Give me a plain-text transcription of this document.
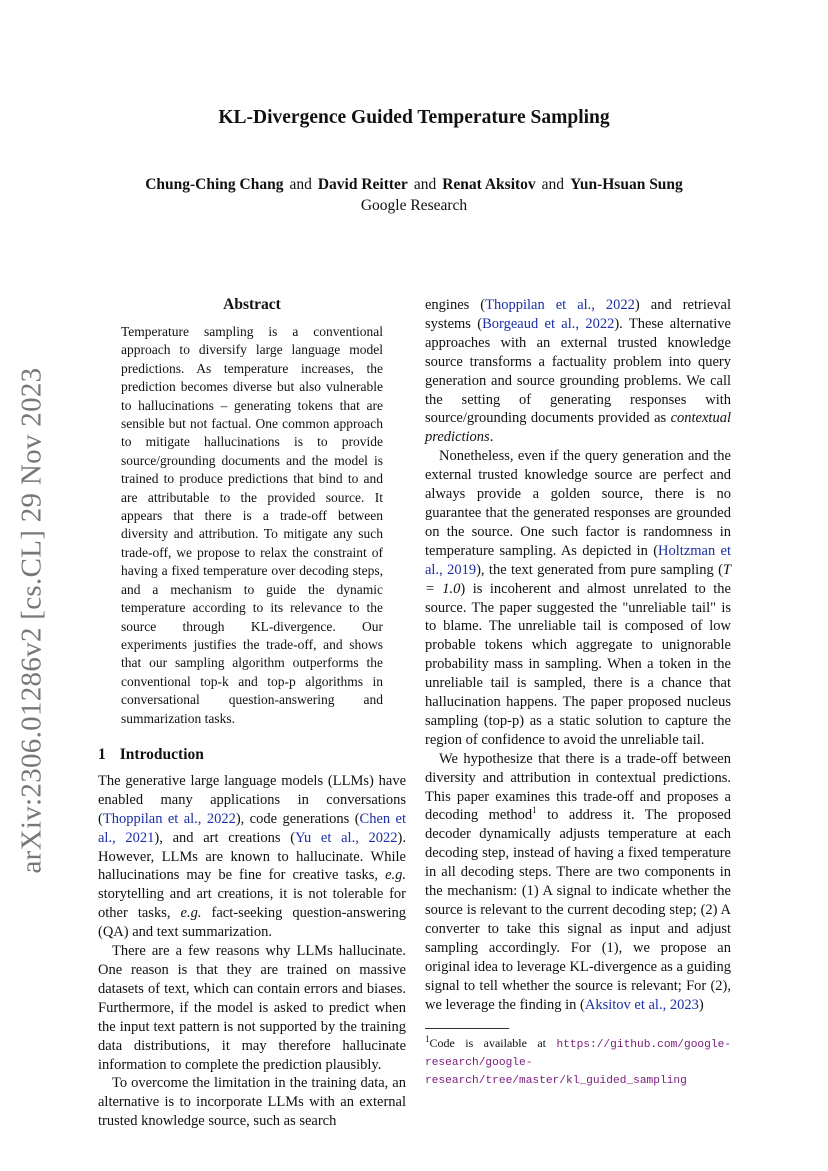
arXiv:2306.01286v2 [cs.CL] 29 Nov 2023
KL-Divergence Guided Temperature Sampling
Chung-Ching Chang and David Reitter and Renat Aksitov and Yun-Hsuan Sung
Google Research
Abstract

Temperature sampling is a conventional approach to diversify large language model predictions. As temperature increases, the prediction becomes diverse but also vulnerable to hallucinations – generating tokens that are sensible but not factual. One common approach to mitigate hallucinations is to provide source/grounding documents and the model is trained to produce predictions that bind to and are attributable to the provided source. It appears that there is a trade-off between diversity and attribution. To mitigate any such trade-off, we propose to relax the constraint of having a fixed temperature over decoding steps, and a mechanism to guide the dynamic temperature according to its relevance to the source through KL-divergence. Our experiments justifies the trade-off, and shows that our sampling algorithm outperforms the conventional top-k and top-p algorithms in conversational question-answering and summarization tasks.

1 Introduction

The generative large language models (LLMs) have enabled many applications in conversations (Thoppilan et al., 2022), code generations (Chen et al., 2021), and art creations (Yu et al., 2022). However, LLMs are known to hallucinate. While hallucinations may be fine for creative tasks, e.g. storytelling and art creations, it is not tolerable for other tasks, e.g. fact-seeking question-answering (QA) and text summarization.

There are a few reasons why LLMs hallucinate. One reason is that they are trained on massive datasets of text, which can contain errors and biases. Furthermore, if the model is asked to predict when the input text pattern is not supported by the training data distributions, it may therefore hallucinate information to complete the prediction plausibly.

To overcome the limitation in the training data, an alternative is to incorporate LLMs with an external trusted knowledge source, such as search

engines (Thoppilan et al., 2022) and retrieval systems (Borgeaud et al., 2022). These alternative approaches with an external trusted knowledge source transforms a factuality problem into query generation and source grounding problems. We call the setting of generating responses with source/grounding documents provided as contextual predictions.

Nonetheless, even if the query generation and the external trusted knowledge source are perfect and always provide a golden source, there is no guarantee that the generated responses are grounded on the source. One such factor is randomness in temperature sampling. As depicted in (Holtzman et al., 2019), the text generated from pure sampling (T = 1.0) is incoherent and almost unrelated to the source. The paper suggested the "unreliable tail" is to blame. The unreliable tail is composed of low probable tokens which aggregate to unignorable probability mass in sampling. When a token in the unreliable tail is sampled, there is a chance that hallucination happens. The paper proposed nucleus sampling (top-p) as a static solution to capture the region of confidence to avoid the unreliable tail.

We hypothesize that there is a trade-off between diversity and attribution in contextual predictions. This paper examines this trade-off and proposes a decoding method$^1$ to address it. The proposed decoder dynamically adjusts temperature at each decoding step, instead of having a fixed temperature in all decoding steps. There are two components in the mechanism: (1) A signal to indicate whether the source is relevant to the current decoding step; (2) A converter to take this signal as input and adjust sampling accordingly. For (1), we propose an original idea to leverage KL-divergence as a guiding signal to tell whether the source is relevant; For (2), we leverage the finding in (Aksitov et al., 2023)

$^1$Code is available at https://github.com/google-research/google-research/tree/master/kl_guided_sampling
